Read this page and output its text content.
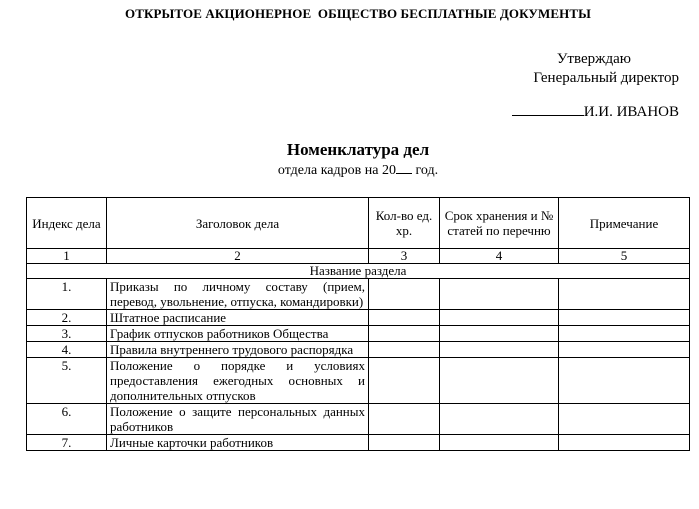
ОТКРЫТОЕ АКЦИОНЕРНОЕ  ОБЩЕСТВО БЕСПЛАТНЫЕ ДОКУМЕНТЫ
Утверждаю
Генеральный директор
И.И. ИВАНОВ
Номенклатура дел
отдела кадров на 20 год.
Индекс дела	Заголовок дела	Кол-во ед. хр.	Срок хранения и № статей по перечню	Примечание
1	2	3	4	5
Название раздела				
1.	Приказы по личному составу (прием, перевод, увольнение, отпуска, командировки)			
2.	Штатное расписание			
3.	График отпусков работников Общества			
4.	Правила внутреннего трудового распорядка			
5.	Положение о порядке и условиях предоставления ежегодных основных и дополнительных отпусков			
6.	Положение о защите персональных данных работников			
7.	Личные карточки работников			
